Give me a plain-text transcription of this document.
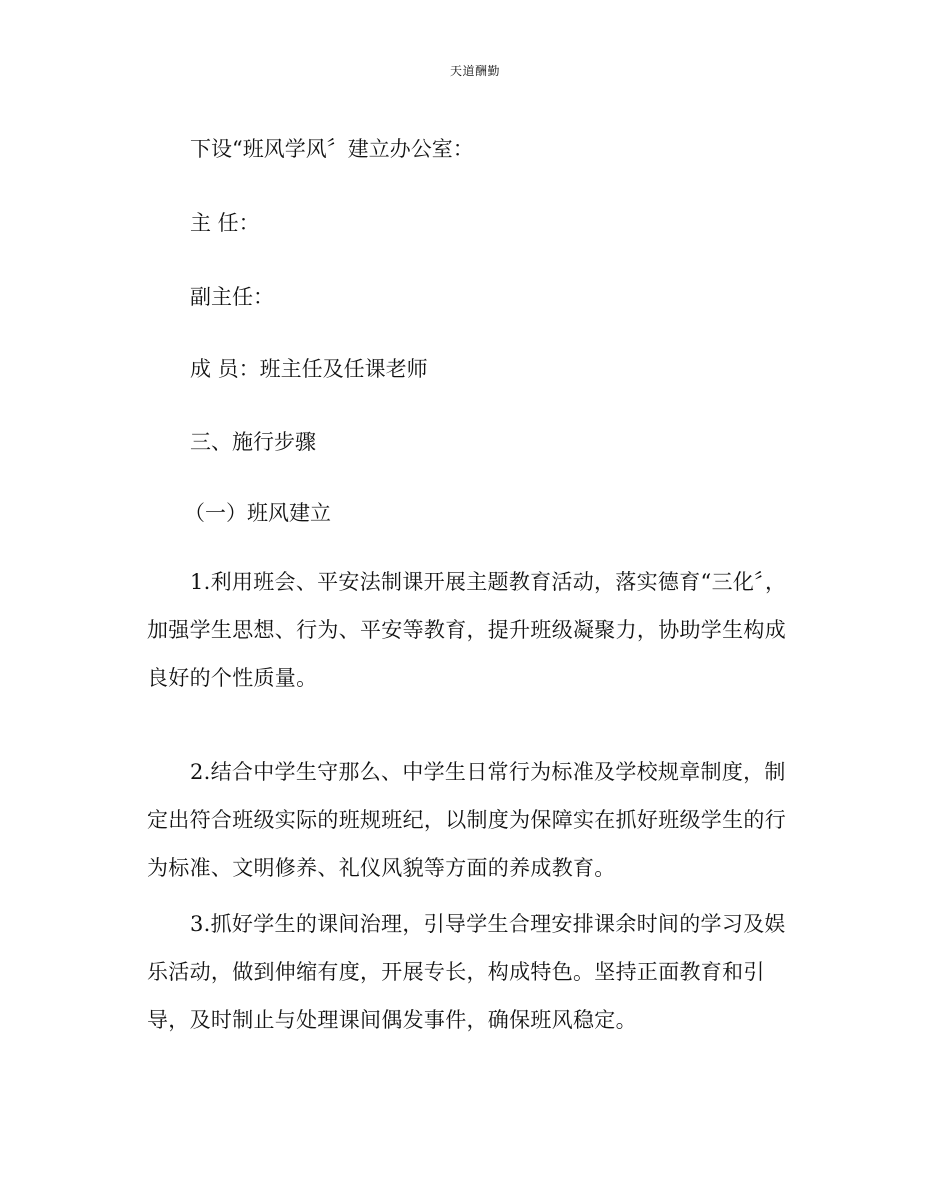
天道酬勤
下设“班风学风〞建立办公室：
主 任：
副主任：
成 员：班主任及任课老师
三、施行步骤
（一）班风建立
1.利用班会、平安法制课开展主题教育活动，落实德育“三化〞，加强学生思想、行为、平安等教育，提升班级凝聚力，协助学生构成良好的个性质量。
2.结合中学生守那么、中学生日常行为标准及学校规章制度，制定出符合班级实际的班规班纪，以制度为保障实在抓好班级学生的行为标准、文明修养、礼仪风貌等方面的养成教育。
3.抓好学生的课间治理，引导学生合理安排课余时间的学习及娱乐活动，做到伸缩有度，开展专长，构成特色。坚持正面教育和引导，及时制止与处理课间偶发事件，确保班风稳定。
